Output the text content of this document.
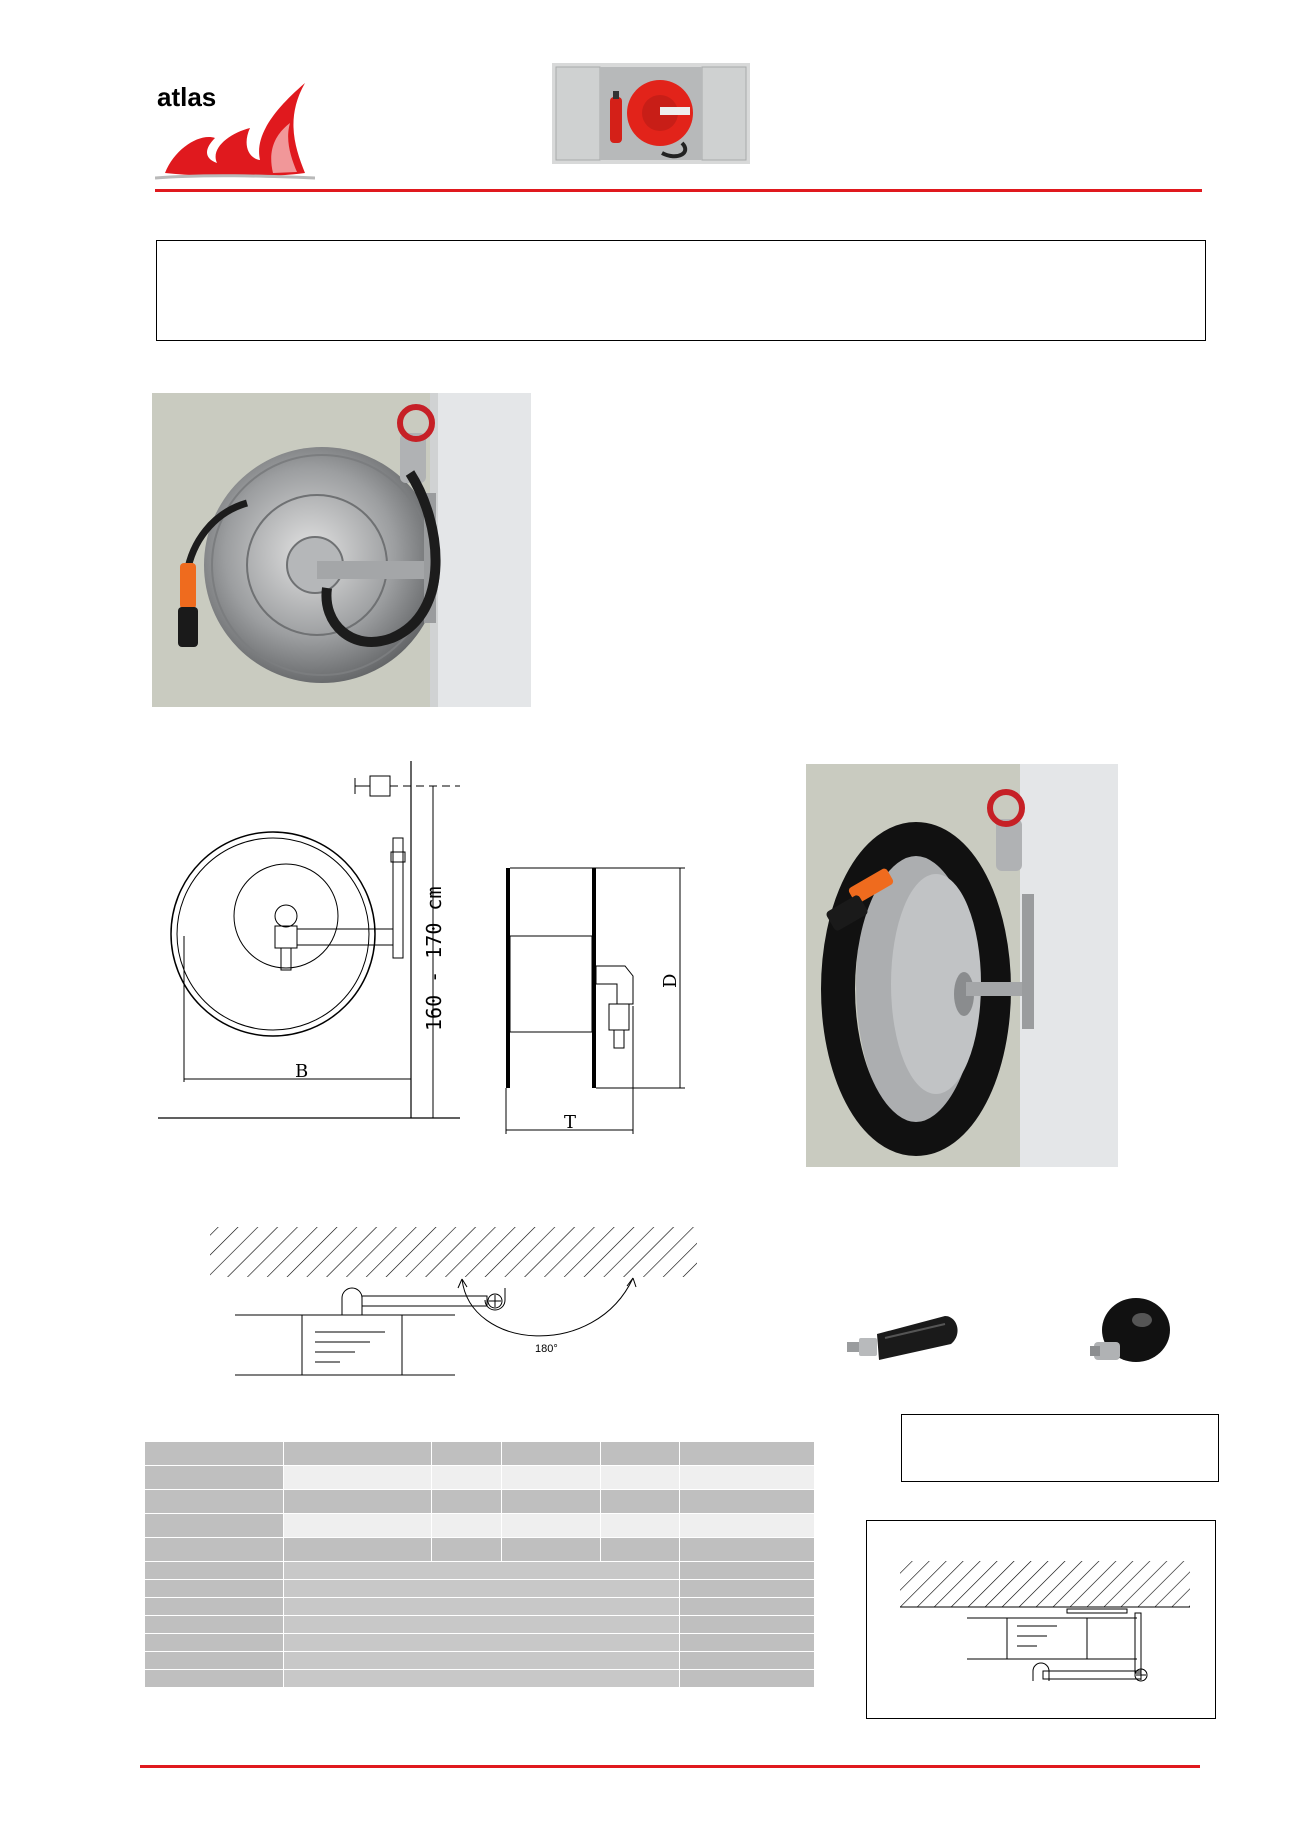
atlas
160 - 170 cm
B
D
T
180°
